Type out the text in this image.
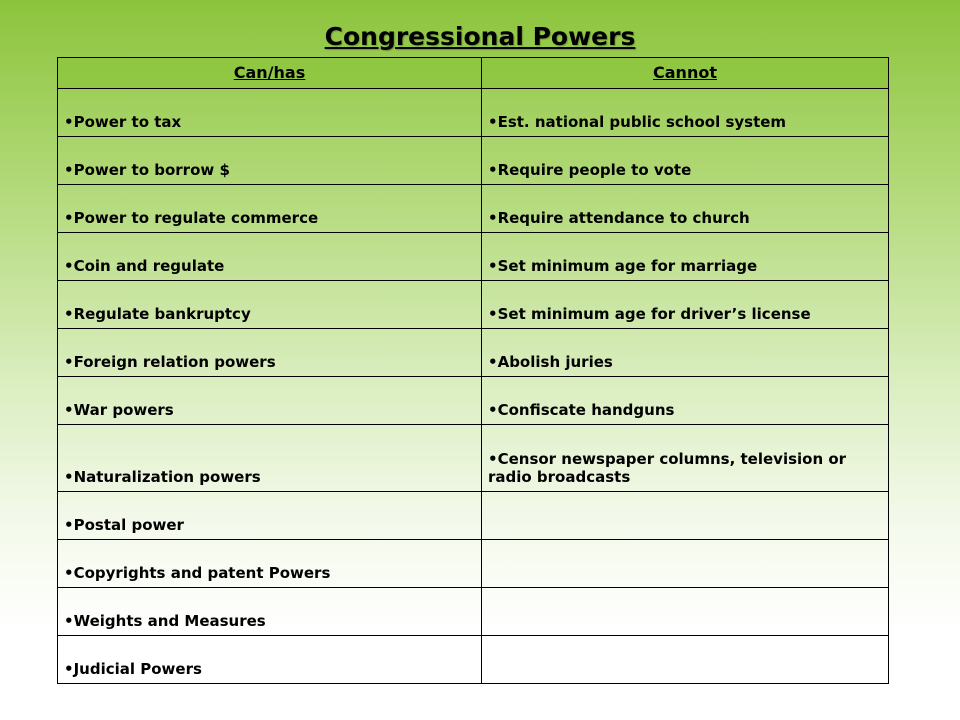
Congressional Powers
Can/has	Cannot
•Power to tax	•Est. national public school system
•Power to borrow $	•Require people to vote
•Power to regulate commerce	•Require attendance to church
•Coin and regulate	•Set minimum age for marriage
•Regulate bankruptcy	•Set minimum age for driver’s license
•Foreign relation powers	•Abolish juries
•War powers	•Confiscate handguns
•Naturalization powers	•Censor newspaper columns, television or radio broadcasts
•Postal power	
•Copyrights and patent Powers	
•Weights and Measures	
•Judicial Powers	
